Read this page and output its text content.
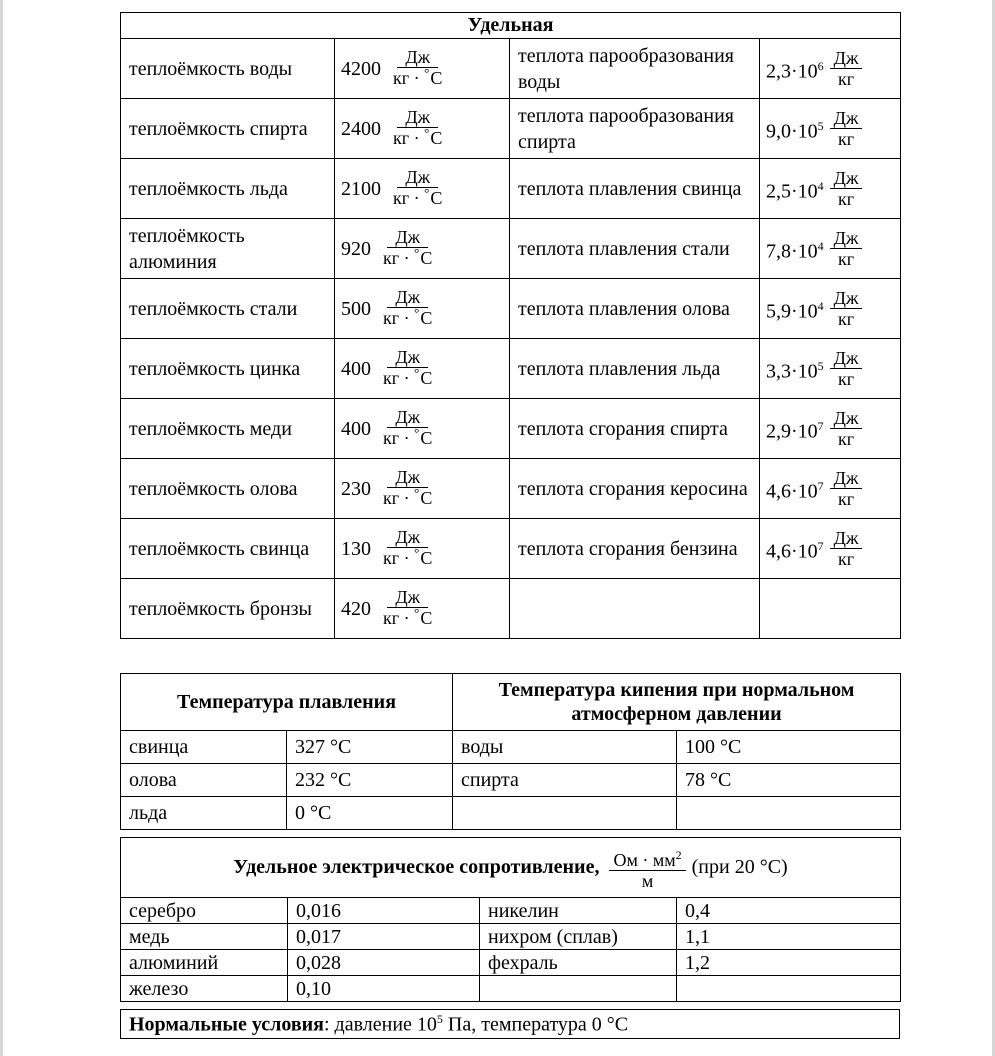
Удельная			
теплоёмкость воды	$4200 \frac{Дж}{кг \cdot ^\circ C}$	теплота парообразования воды	$2,3\cdot 10^6 \frac{Дж}{кг}$

теплоёмкость спирта	$2400 \frac{Дж}{кг \cdot ^\circ C}$	теплота парообразования спирта	$9,0\cdot 10^5 \frac{Дж}{кг}$

теплоёмкость льда	$2100 \frac{Дж}{кг \cdot ^\circ C}$	теплота плавления свинца	$2,5\cdot 10^4 \frac{Дж}{кг}$

теплоёмкость алюминия	$920 \frac{Дж}{кг \cdot ^\circ C}$	теплота плавления стали	$7,8\cdot 10^4 \frac{Дж}{кг}$

теплоёмкость стали	$500 \frac{Дж}{кг \cdot ^\circ C}$	теплота плавления олова	$5,9\cdot 10^4 \frac{Дж}{кг}$

теплоёмкость цинка	$400 \frac{Дж}{кг \cdot ^\circ C}$	теплота плавления льда	$3,3\cdot 10^5 \frac{Дж}{кг}$

теплоёмкость меди	$400 \frac{Дж}{кг \cdot ^\circ C}$	теплота сгорания спирта	$2,9\cdot 10^7 \frac{Дж}{кг}$

теплоёмкость олова	$230 \frac{Дж}{кг \cdot ^\circ C}$	теплота сгорания керосина	$4,6\cdot 10^7 \frac{Дж}{кг}$

теплоёмкость свинца	$130 \frac{Дж}{кг \cdot ^\circ C}$	теплота сгорания бензина	$4,6\cdot 10^7 \frac{Дж}{кг}$

теплоёмкость бронзы	$420 \frac{Дж}{кг \cdot ^\circ C}$

Температура плавления		Температура кипения при нормальном атмосферном давлении	
свинца	327 °C	воды	100 °C
олова	232 °C	спирта	78 °C
льда	0 °C		
Удельное электрическое сопротивление, $\frac{Ом \cdot мм^2}{м} (при$ 20 °С)			

серебро	0,016	никелин	0,4
медь	0,017	нихром (сплав)	1,1
алюминий	0,028	фехраль	1,2
железо	0,10		
Нормальные условия: давление $10^5$ Па, температура 0 °С
